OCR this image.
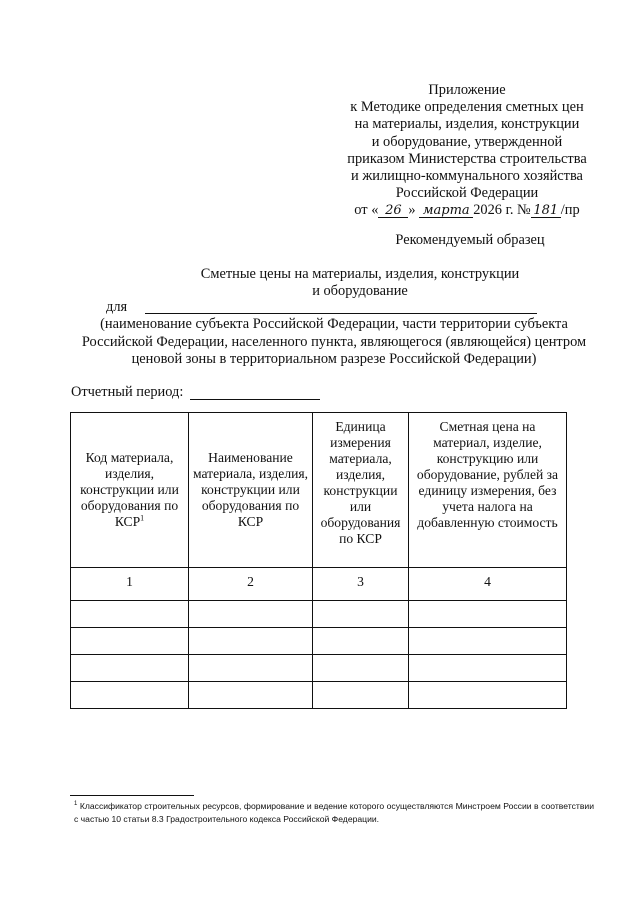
Приложение
к Методике определения сметных цен
на материалы, изделия, конструкции
и оборудование, утвержденной
приказом Министерства строительства
и жилищно-коммунального хозяйства
Российской Федерации
от « 26 » марта 2026 г. № 181 /пр
Рекомендуемый образец
Сметные цены на материалы, изделия, конструкции
и оборудование
для
(наименование субъекта Российской Федерации, части территории субъекта
Российской Федерации, населенного пункта, являющегося (являющейся) центром
ценовой зоны в территориальном разрезе Российской Федерации)
Отчетный период:
Код материала, изделия, конструкции или оборудования по КСР$^1$	Наименование материала, изделия, конструкции или оборудования по КСР	Единица измерения материала, изделия, конструкции или оборудования по КСР	Сметная цена на материал, изделие, конструкцию или оборудование, рублей за единицу измерения, без учета налога на добавленную стоимость
1	2	3	4

$^1$ Классификатор строительных ресурсов, формирование и ведение которого осуществляются Минстроем России в соответствии с частью 10 статьи 8.3 Градостроительного кодекса Российской Федерации.
